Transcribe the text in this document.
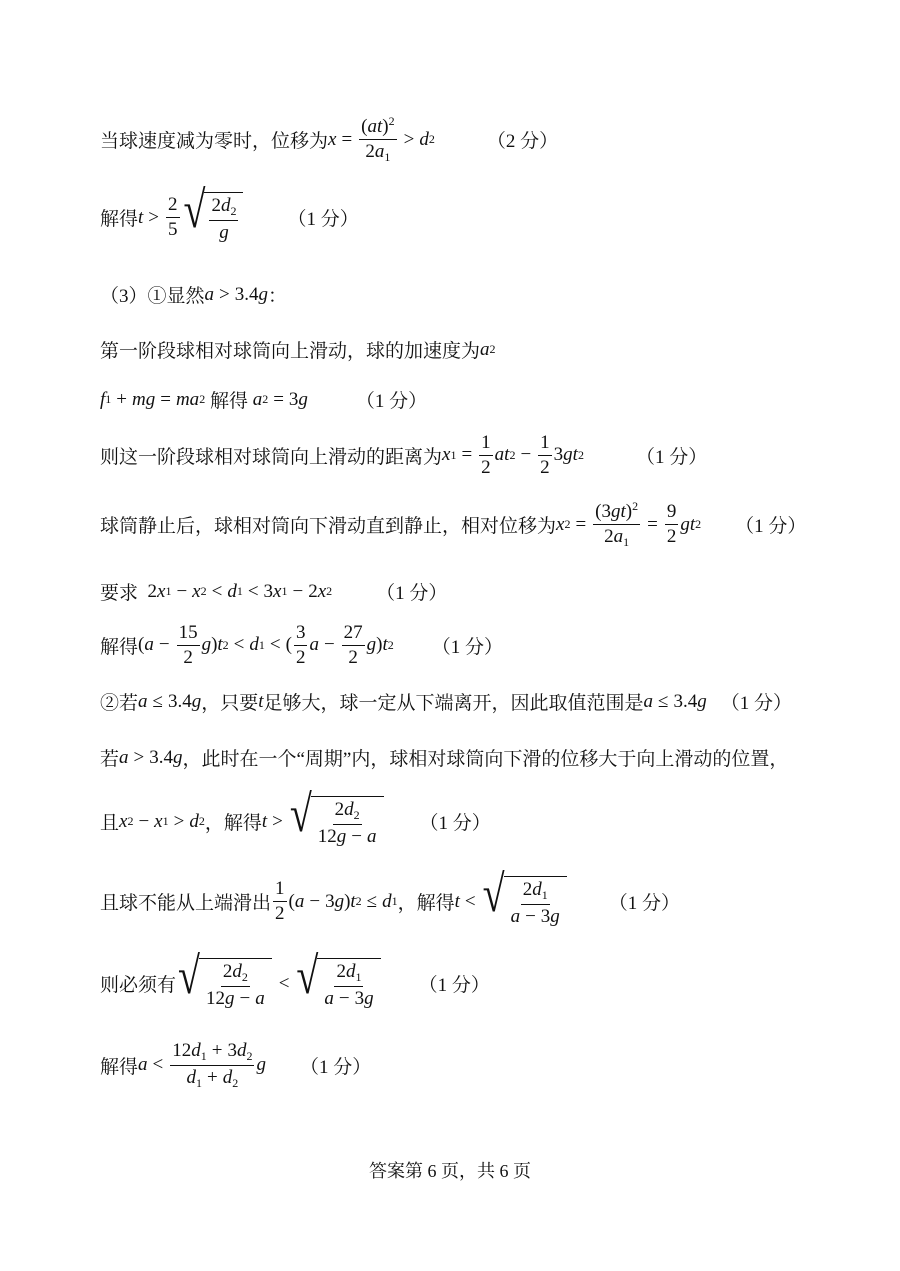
当球速度减为零时，位移为 $x = \frac{(at)^2}{2a_1} > d$ 2	（2 分）
解得 $t > \frac{2}{5}$ √ $\frac{2d_2}{g}$	（1 分）
（3）①显然 a > 3.4 g ：
第一阶段球相对球筒向上滑动，球的加速度为 a 2
f 1 + mg = ma 2
解得
a 2 = 3 g	（1 分）
则这一阶段球相对球筒向上滑动的距离为 x $1 = \frac{1}{2}$ at $2 - \frac{1}{2} 3$ gt 2	（1 分）
球筒静止后，球相对筒向下滑动直到静止，相对位移为 x $2 = \frac{(3gt)^2}{2a_1} = \frac{9}{2}$ gt 2 （1 分）
要求 2 x 1 − x 2 < d 1 < 3 x 1 − 2 x 2 （1 分）
解得 ( $a - \frac{15}{2}$ g ) t 2 < d 1 < ( $\frac{3}{2}$ $a - \frac{27}{2}$ g ) t 2 （1 分）
②若 a ≤ 3.4 g ，只要 t 足够大，球一定从下端离开，因此取值范围是 a ≤ 3.4 g （1 分）
若 a > 3.4 g ，此时在一个“周期”内，球相对球筒向下滑的位移大于向上滑动的位置，
且 x 2 − x 1 > d 2 ，解得 t > √ $\frac{2d_2}{12g - a} (1$ 分）
且球不能从上端滑出 $\frac{1}{2}$ ( a − 3 g ) t 2 ≤ d 1 ，解得 t < √ $\frac{2d_1}{a - 3g} (1$ 分）
则必须有 √ $\frac{2d_2}{12g - a}$ < √ $\frac{2d_1}{a - 3g} (1$ 分）
解得 $a < \frac{12d_1 + 3d_2}{d_1 + d_2}$ g （1 分）
答案第 6 页，共 6 页
